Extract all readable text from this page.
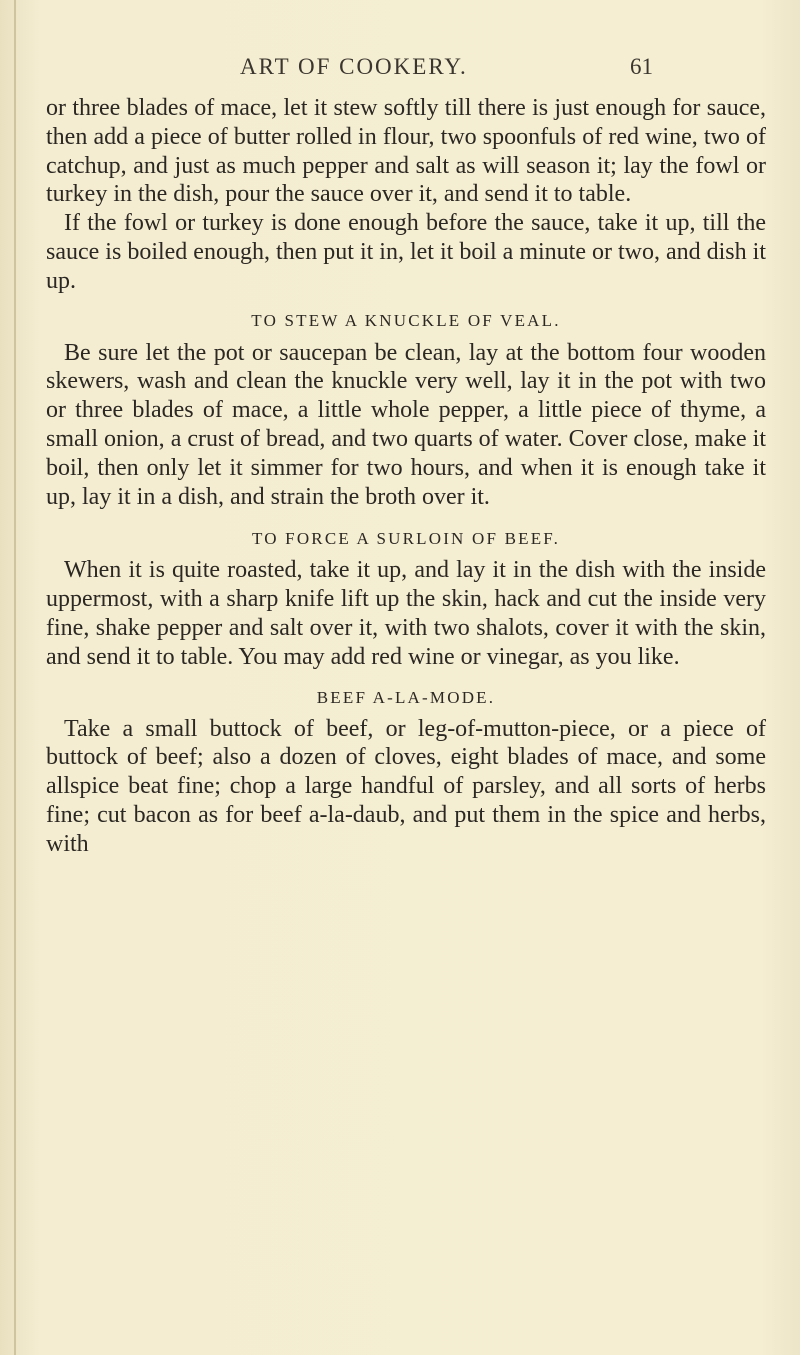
ART OF COOKERY.	61

or three blades of mace, let it stew softly till there is just enough for sauce, then add a piece of butter rolled in flour, two spoonfuls of red wine, two of catchup, and just as much pepper and salt as will season it; lay the fowl or turkey in the dish, pour the sauce over it, and send it to table.

If the fowl or turkey is done enough before the sauce, take it up, till the sauce is boiled enough, then put it in, let it boil a minute or two, and dish it up.

TO STEW A KNUCKLE OF VEAL.

Be sure let the pot or saucepan be clean, lay at the bottom four wooden skewers, wash and clean the knuckle very well, lay it in the pot with two or three blades of mace, a little whole pepper, a little piece of thyme, a small onion, a crust of bread, and two quarts of water. Cover close, make it boil, then only let it simmer for two hours, and when it is enough take it up, lay it in a dish, and strain the broth over it.

TO FORCE A SURLOIN OF BEEF.

When it is quite roasted, take it up, and lay it in the dish with the inside uppermost, with a sharp knife lift up the skin, hack and cut the inside very fine, shake pepper and salt over it, with two shalots, cover it with the skin, and send it to table. You may add red wine or vinegar, as you like.

BEEF A-LA-MODE.

Take a small buttock of beef, or leg-of-mutton-piece, or a piece of buttock of beef; also a dozen of cloves, eight blades of mace, and some allspice beat fine; chop a large handful of parsley, and all sorts of herbs fine; cut bacon as for beef a-la-daub, and put them in the spice and herbs, with
